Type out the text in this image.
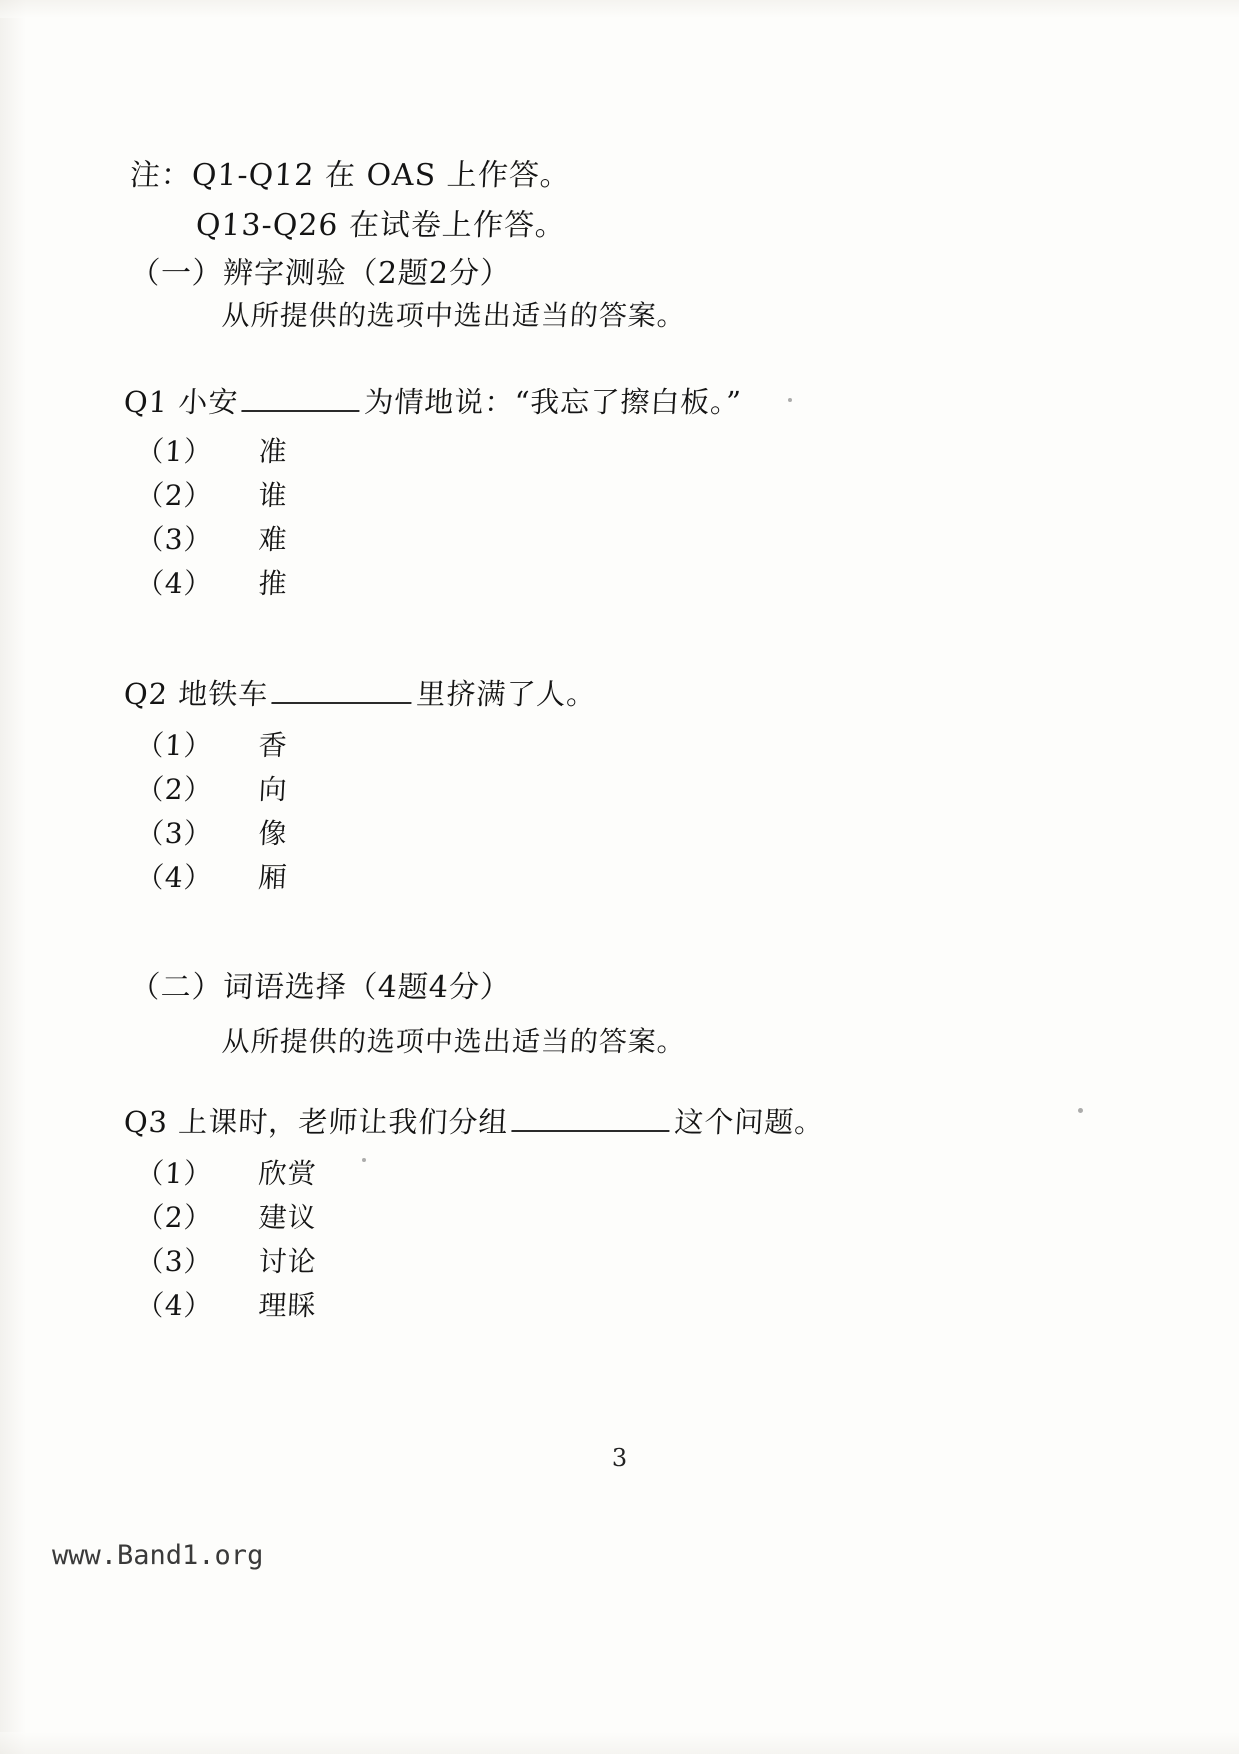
注：Q1-Q12 在 OAS 上作答。
Q13-Q26 在试卷上作答。
（一）辨字测验（2题2分）
从所提供的选项中选出适当的答案。
Q1 小安	为情地说：“我忘了擦白板。”
（1） 准
（2） 谁
（3） 难
（4） 推
Q2 地铁车	里挤满了人。
（1） 香
（2） 向
（3） 像
（4） 厢
（二）词语选择（4题4分）
从所提供的选项中选出适当的答案。
Q3 上课时，老师让我们分组	这个问题。
（1） 欣赏
（2） 建议
（3） 讨论
（4） 理睬
3
www.Band1.org
